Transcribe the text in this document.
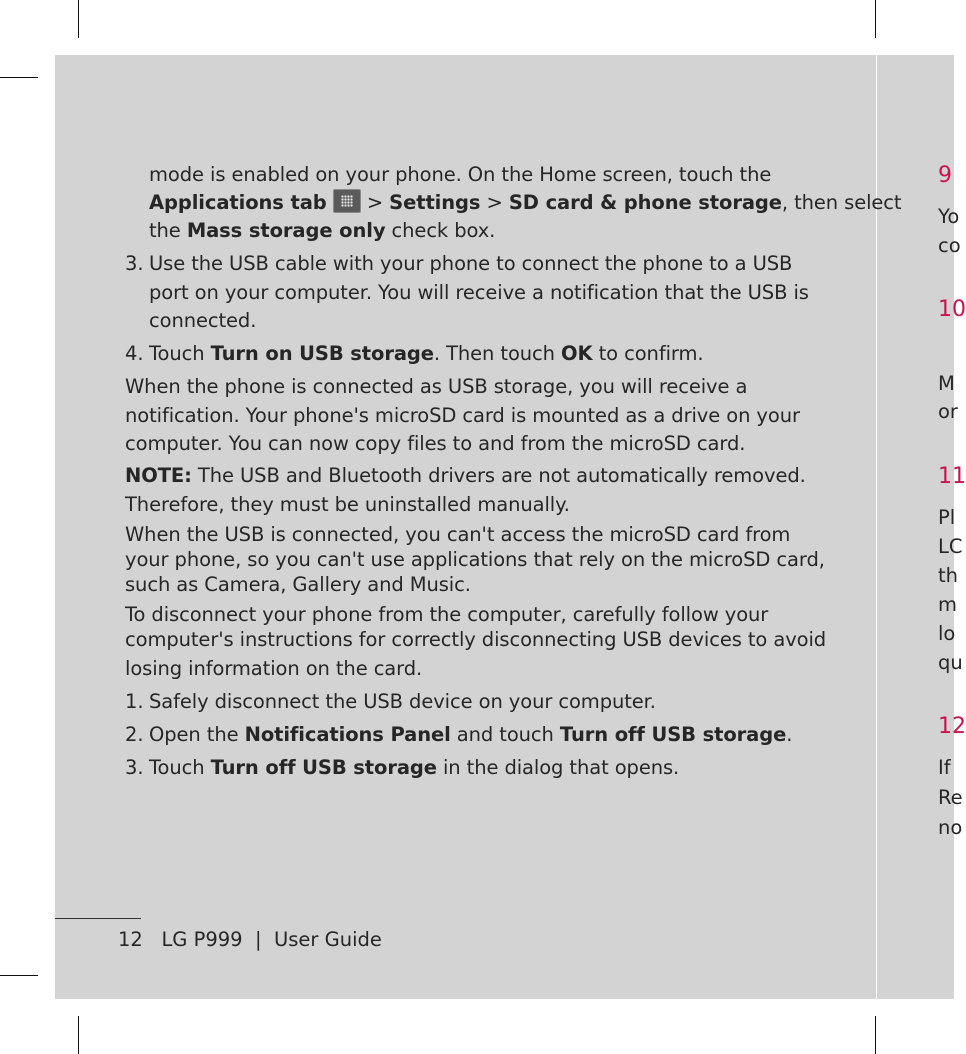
mode is enabled on your phone. On the Home screen, touch the
Applications tab  > Settings > SD card & phone storage, then select
the Mass storage only check box.
3. Use the USB cable with your phone to connect the phone to a USB
port on your computer. You will receive a notification that the USB is
connected.
4. Touch Turn on USB storage. Then touch OK to confirm.
When the phone is connected as USB storage, you will receive a
notification. Your phone's microSD card is mounted as a drive on your
computer. You can now copy files to and from the microSD card.
NOTE: The USB and Bluetooth drivers are not automatically removed.
Therefore, they must be uninstalled manually.
When the USB is connected, you can't access the microSD card from
your phone, so you can't use applications that rely on the microSD card,
such as Camera, Gallery and Music.
To disconnect your phone from the computer, carefully follow your
computer's instructions for correctly disconnecting USB devices to avoid
losing information on the card.
1. Safely disconnect the USB device on your computer.
2. Open the Notifications Panel and touch Turn off USB storage.
3. Touch Turn off USB storage in the dialog that opens.
12 LG P999  |  User Guide
9
Yo
co
10
M
or
11
Pl
LC
th
m
lo
qu
12
If
Re
no
